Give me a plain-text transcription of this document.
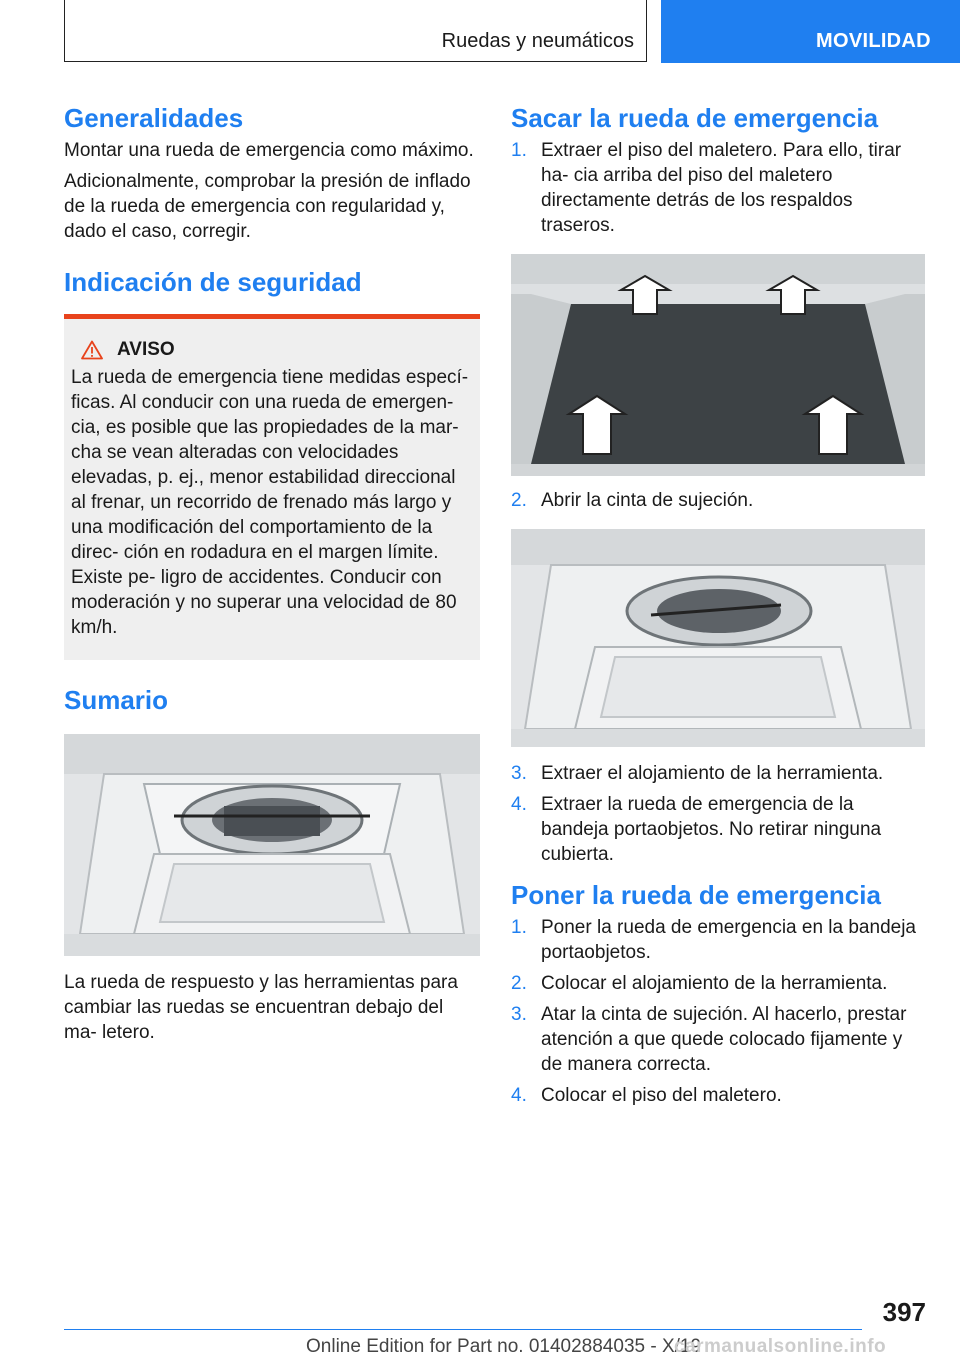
Ruedas y neumáticos	MOVILIDAD
Generalidades

Montar una rueda de emergencia como máximo.

Adicionalmente, comprobar la presión de inflado de la rueda de emergencia con regularidad y, dado el caso, corregir.

Indicación de seguridad
AVISO

La rueda de emergencia tiene medidas especí- ficas. Al conducir con una rueda de emergen- cia, es posible que las propiedades de la mar- cha se vean alteradas con velocidades elevadas, p. ej., menor estabilidad direccional al frenar, un recorrido de frenado más largo y una modificación del comportamiento de la direc- ción en rodadura en el margen límite. Existe pe- ligro de accidentes. Conducir con moderación y no superar una velocidad de 80 km/h.

Sumario

La rueda de respuesto y las herramientas para cambiar las ruedas se encuentran debajo del ma- letero.

Sacar la rueda de emergencia
1. Extraer el piso del maletero. Para ello, tirar ha- cia arriba del piso del maletero directamente detrás de los respaldos traseros.
2. Abrir la cinta de sujeción.
3. Extraer el alojamiento de la herramienta.
4. Extraer la rueda de emergencia de la bandeja portaobjetos. No retirar ninguna cubierta.
Poner la rueda de emergencia
1. Poner la rueda de emergencia en la bandeja portaobjetos.
2. Colocar el alojamiento de la herramienta.
3. Atar la cinta de sujeción. Al hacerlo, prestar atención a que quede colocado fijamente y de manera correcta.
4. Colocar el piso del maletero.
397
Online Edition for Part no. 01402884035 - X/19
carmanualsonline.info
